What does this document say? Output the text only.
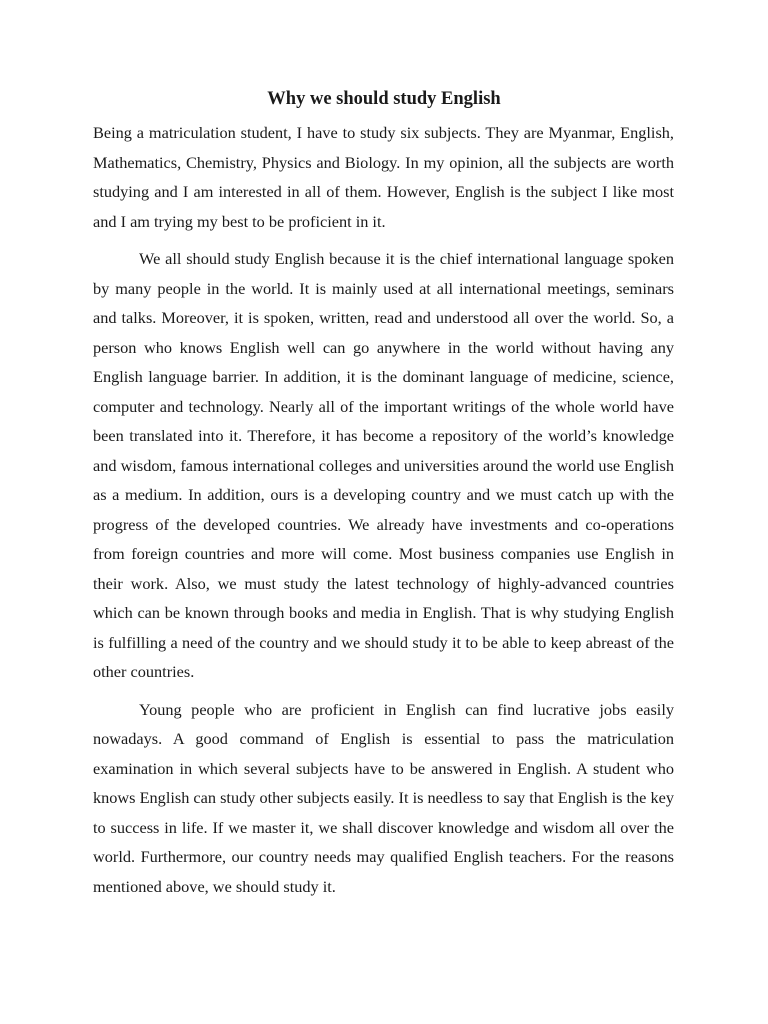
Why we should study English

Being a matriculation student, I have to study six subjects. They are Myanmar, English, Mathematics, Chemistry, Physics and Biology. In my opinion, all the subjects are worth studying and I am interested in all of them. However, English is the subject I like most and I am trying my best to be proficient in it.

We all should study English because it is the chief international language spoken by many people in the world. It is mainly used at all international meetings, seminars and talks. Moreover, it is spoken, written, read and understood all over the world. So, a person who knows English well can go anywhere in the world without having any English language barrier. In addition, it is the dominant language of medicine, science, computer and technology. Nearly all of the important writings of the whole world have been translated into it. Therefore, it has become a repository of the world’s knowledge and wisdom, famous international colleges and universities around the world use English as a medium. In addition, ours is a developing country and we must catch up with the progress of the developed countries. We already have investments and co-operations from foreign countries and more will come. Most business companies use English in their work. Also, we must study the latest technology of highly-advanced countries which can be known through books and media in English. That is why studying English is fulfilling a need of the country and we should study it to be able to keep abreast of the other countries.

Young people who are proficient in English can find lucrative jobs easily nowadays. A good command of English is essential to pass the matriculation examination in which several subjects have to be answered in English. A student who knows English can study other subjects easily. It is needless to say that English is the key to success in life. If we master it, we shall discover knowledge and wisdom all over the world. Furthermore, our country needs may qualified English teachers. For the reasons mentioned above, we should study it.
